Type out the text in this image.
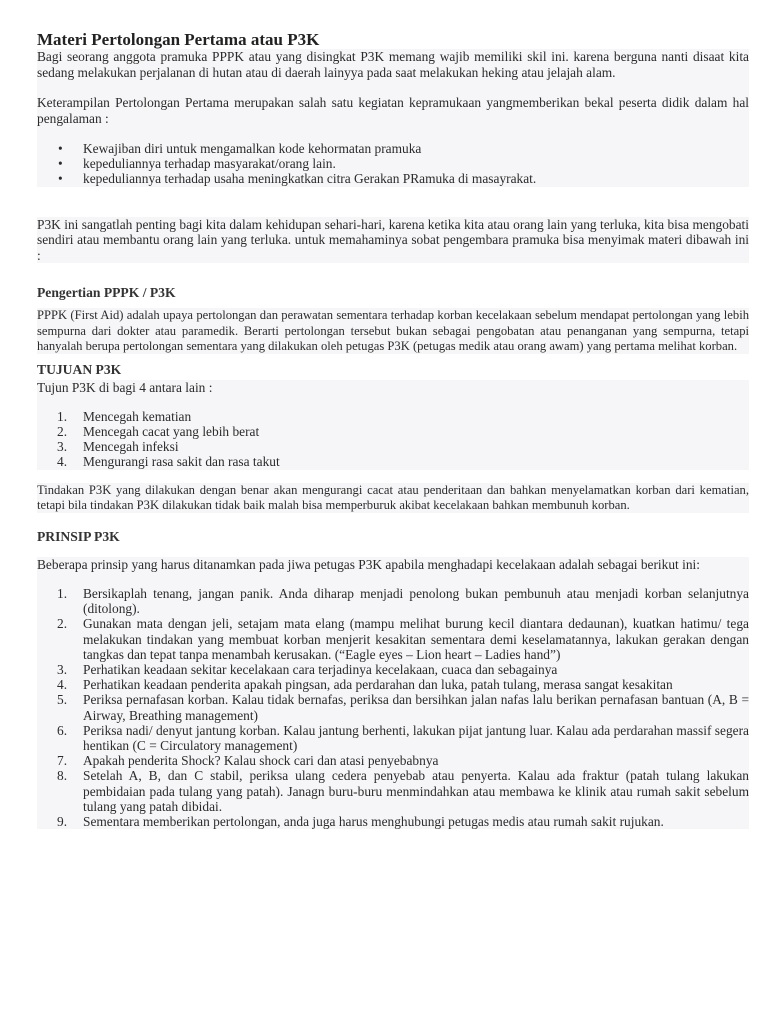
Materi Pertolongan Pertama atau P3K

Bagi seorang anggota pramuka PPPK atau yang disingkat P3K memang wajib memiliki skil ini. karena berguna nanti disaat kita sedang melakukan perjalanan di hutan atau di daerah lainyya pada saat melakukan heking atau jelajah alam.

Keterampilan Pertolongan Pertama merupakan salah satu kegiatan kepramukaan yangmemberikan bekal peserta didik dalam hal pengalaman :

• Kewajiban diri untuk mengamalkan kode kehormatan pramuka
• kepeduliannya terhadap masyarakat/orang lain.
• kepeduliannya terhadap usaha meningkatkan citra Gerakan PRamuka di masayrakat.

P3K ini sangatlah penting bagi kita dalam kehidupan sehari-hari, karena ketika kita atau orang lain yang terluka, kita bisa mengobati sendiri atau membantu orang lain yang terluka. untuk memahaminya sobat pengembara pramuka bisa menyimak materi dibawah ini :

Pengertian PPPK / P3K

PPPK (First Aid) adalah upaya pertolongan dan perawatan sementara terhadap korban kecelakaan sebelum mendapat pertolongan yang lebih sempurna dari dokter atau paramedik. Berarti pertolongan tersebut bukan sebagai pengobatan atau penanganan yang sempurna, tetapi hanyalah berupa pertolongan sementara yang dilakukan oleh petugas P3K (petugas medik atau orang awam) yang pertama melihat korban.

TUJUAN P3K

Tujun P3K di bagi 4 antara lain :

1. Mencegah kematian
2. Mencegah cacat yang lebih berat
3. Mencegah infeksi
4. Mengurangi rasa sakit dan rasa takut

Tindakan P3K yang dilakukan dengan benar akan mengurangi cacat atau penderitaan dan bahkan menyelamatkan korban dari kematian, tetapi bila tindakan P3K dilakukan tidak baik malah bisa memperburuk akibat kecelakaan bahkan membunuh korban.

PRINSIP P3K

Beberapa prinsip yang harus ditanamkan pada jiwa petugas P3K apabila menghadapi kecelakaan adalah sebagai berikut ini:

1. Bersikaplah tenang, jangan panik. Anda diharap menjadi penolong bukan pembunuh atau menjadi korban selanjutnya (ditolong).
2. Gunakan mata dengan jeli, setajam mata elang (mampu melihat burung kecil diantara dedaunan), kuatkan hatimu/ tega melakukan tindakan yang membuat korban menjerit kesakitan sementara demi keselamatannya, lakukan gerakan dengan tangkas dan tepat tanpa menambah kerusakan. (“Eagle eyes – Lion heart – Ladies hand”)
3. Perhatikan keadaan sekitar kecelakaan cara terjadinya kecelakaan, cuaca dan sebagainya
4. Perhatikan keadaan penderita apakah pingsan, ada perdarahan dan luka, patah tulang, merasa sangat kesakitan
5. Periksa pernafasan korban. Kalau tidak bernafas, periksa dan bersihkan jalan nafas lalu berikan pernafasan bantuan (A, B = Airway, Breathing management)
6. Periksa nadi/ denyut jantung korban. Kalau jantung berhenti, lakukan pijat jantung luar. Kalau ada perdarahan massif segera hentikan (C = Circulatory management)
7. Apakah penderita Shock? Kalau shock cari dan atasi penyebabnya
8. Setelah A, B, dan C stabil, periksa ulang cedera penyebab atau penyerta. Kalau ada fraktur (patah tulang lakukan pembidaian pada tulang yang patah). Janagn buru-buru menmindahkan atau membawa ke klinik atau rumah sakit sebelum tulang yang patah dibidai.
9. Sementara memberikan pertolongan, anda juga harus menghubungi petugas medis atau rumah sakit rujukan.
